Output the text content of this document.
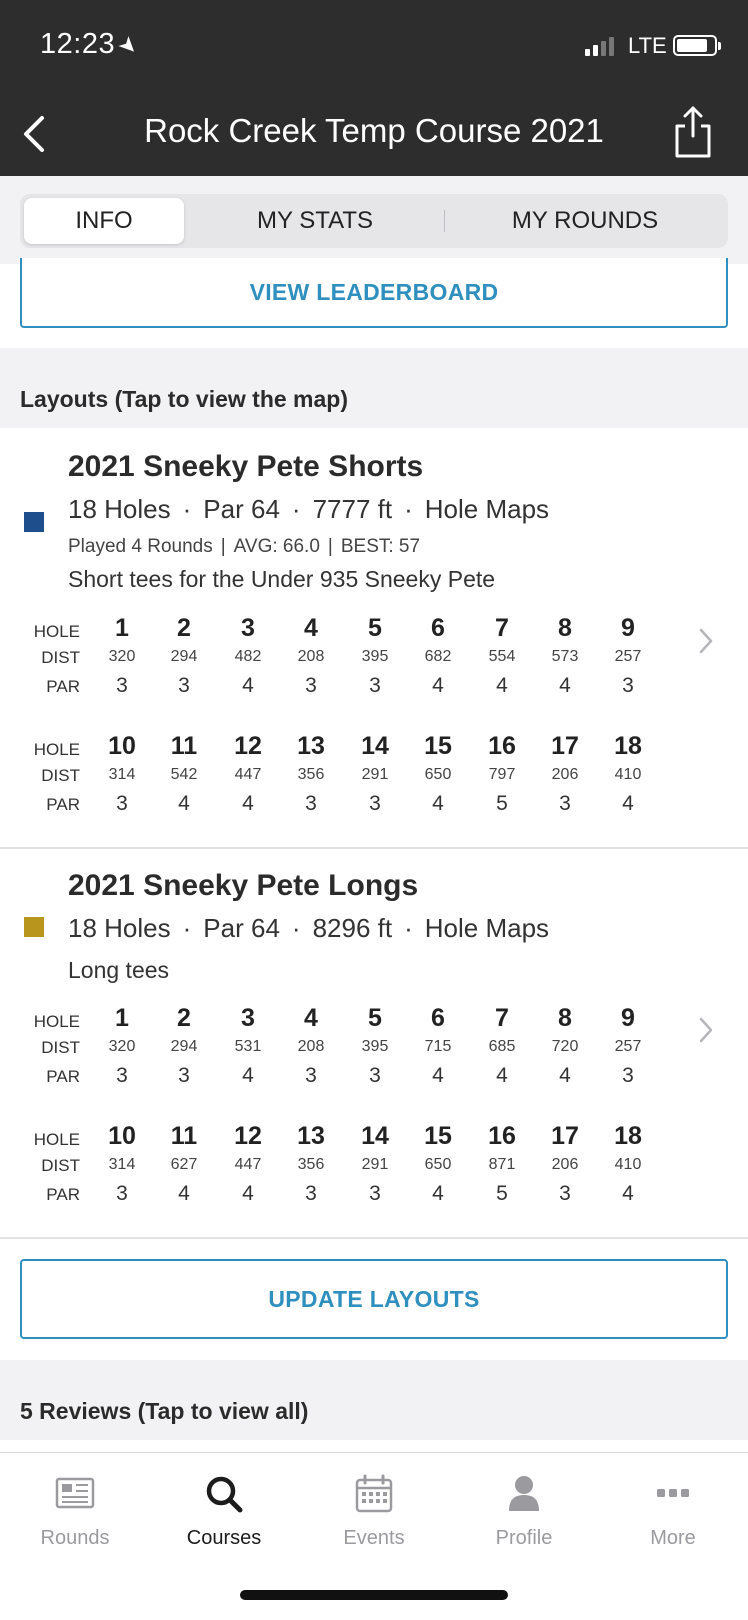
12:23➤	LTE
Rock Creek Temp Course 2021
INFO	MY STATS	MY ROUNDS
VIEW LEADERBOARD
Layouts (Tap to view the map)
2021 Sneeky Pete Shorts
18 Holes · Par 64 · 7777 ft · Hole Maps
Played 4 Rounds | AVG: 66.0 | BEST: 57
Short tees for the Under 935 Sneeky Pete
HOLE	1	2	3	4	5	6	7	8	9
DIST	320	294	482	208	395	682	554	573	257
PAR	3	3	4	3	3	4	4	4	3
HOLE	10	11	12	13	14	15	16	17	18
DIST	314	542	447	356	291	650	797	206	410
PAR	3	4	4	3	3	4	5	3	4
2021 Sneeky Pete Longs
18 Holes · Par 64 · 8296 ft · Hole Maps
Long tees
HOLE	1	2	3	4	5	6	7	8	9
DIST	320	294	531	208	395	715	685	720	257
PAR	3	3	4	3	3	4	4	4	3
HOLE	10	11	12	13	14	15	16	17	18
DIST	314	627	447	356	291	650	871	206	410
PAR	3	4	4	3	3	4	5	3	4
UPDATE LAYOUTS
5 Reviews (Tap to view all)
Rounds	Courses	Events	Profile	More
